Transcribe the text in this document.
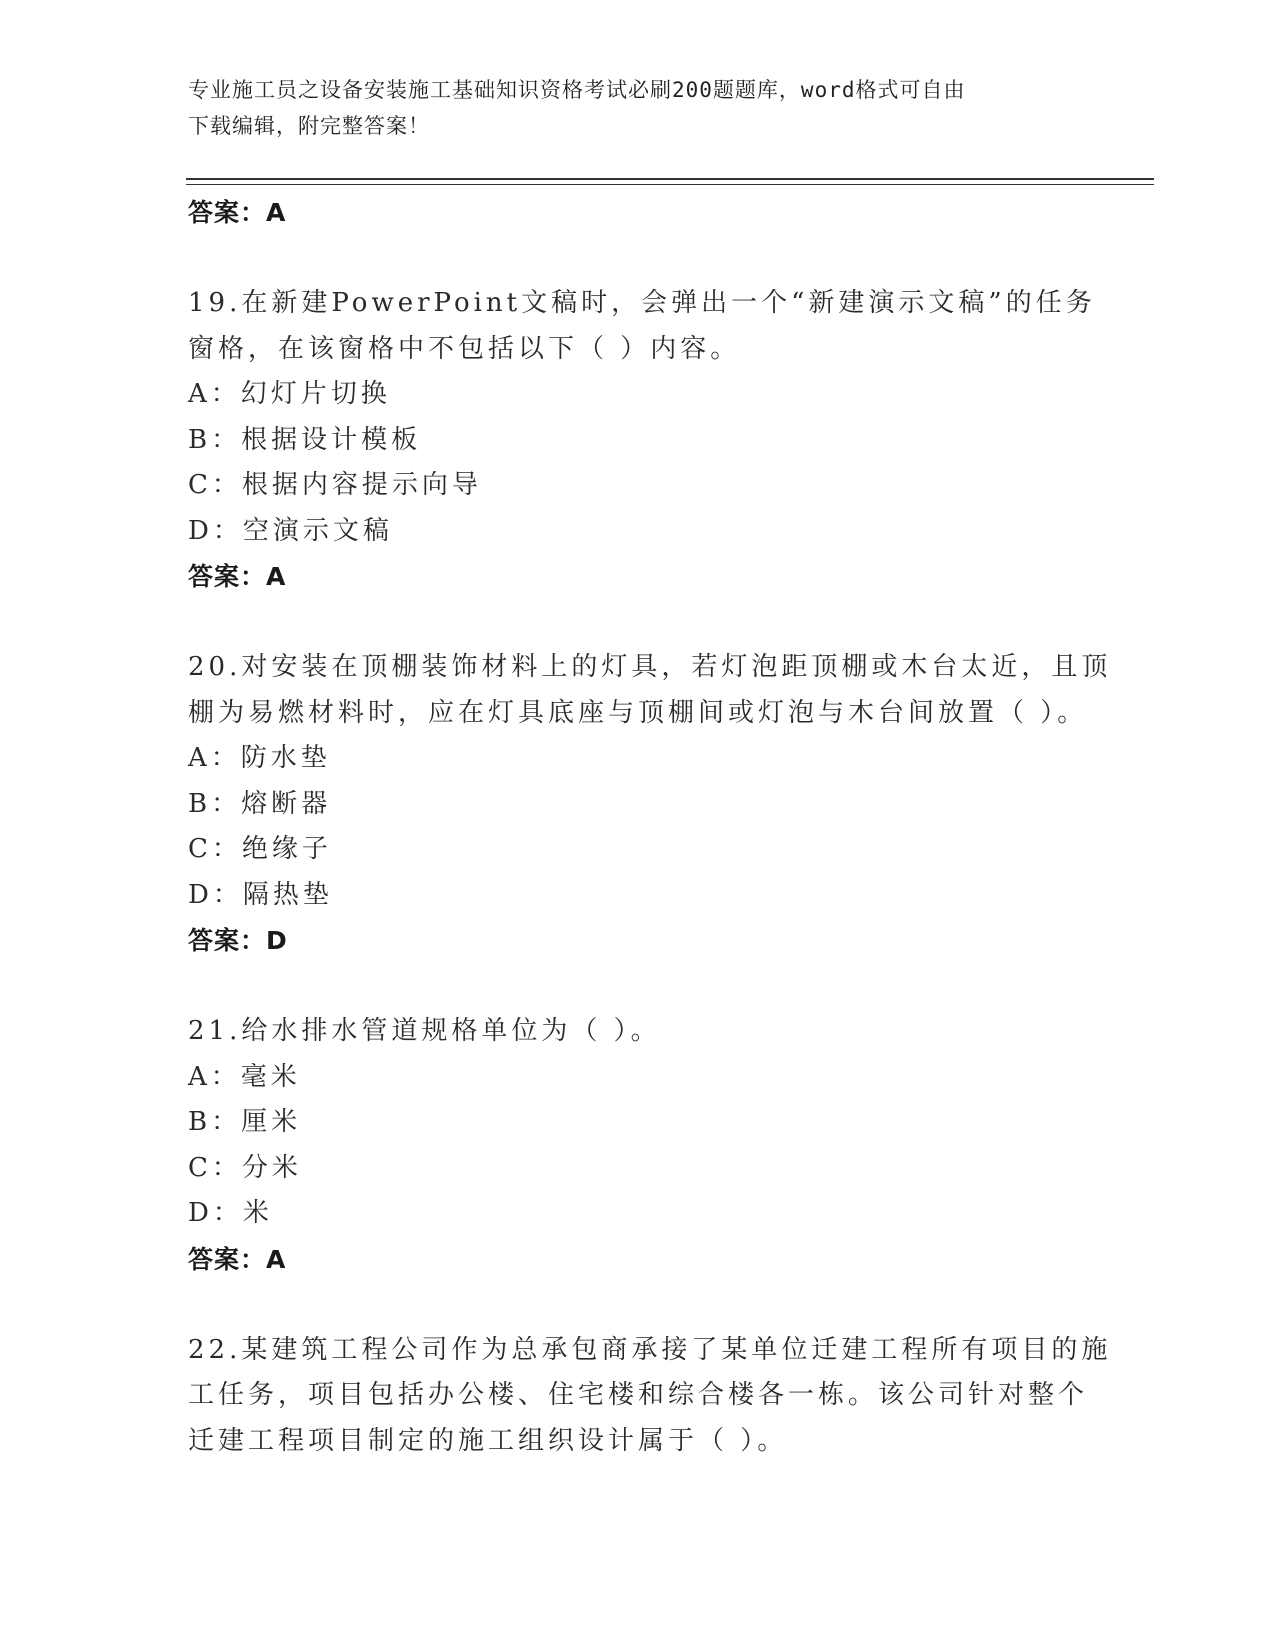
专业施工员之设备安装施工基础知识资格考试必刷200题题库，word格式可自由
下载编辑，附完整答案！
答案：A
19.在新建PowerPoint文稿时，会弹出一个“新建演示文稿”的任务
窗格，在该窗格中不包括以下（ ）内容。
A：幻灯片切换
B：根据设计模板
C：根据内容提示向导
D：空演示文稿
答案：A
20.对安装在顶棚装饰材料上的灯具，若灯泡距顶棚或木台太近，且顶
棚为易燃材料时，应在灯具底座与顶棚间或灯泡与木台间放置（ ）。
A：防水垫
B：熔断器
C：绝缘子
D：隔热垫
答案：D
21.给水排水管道规格单位为（ ）。
A：毫米
B：厘米
C：分米
D：米
答案：A
22.某建筑工程公司作为总承包商承接了某单位迁建工程所有项目的施
工任务，项目包括办公楼、住宅楼和综合楼各一栋。该公司针对整个
迁建工程项目制定的施工组织设计属于（ ）。
